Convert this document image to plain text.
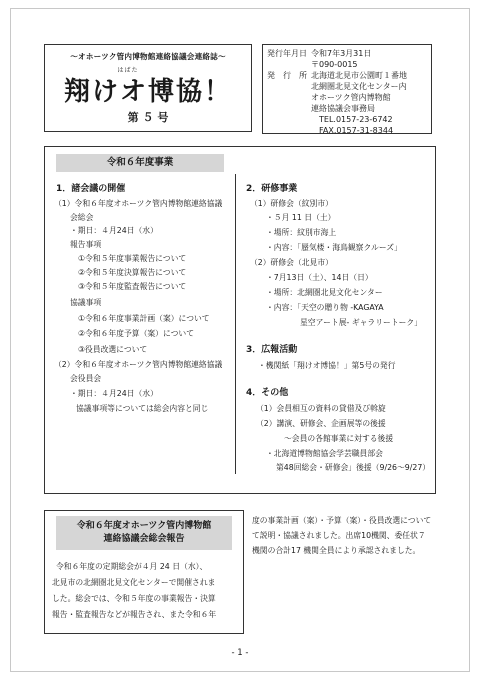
～オホーツク管内博物館連絡協議会連絡誌～
はばた
翔けオ博協！
第 ５ 号
発行年月日 令和7年3月31日
〒090-0015
発　行　所 北海道北見市公園町１番地
北網圏北見文化センター内
オホーツク管内博物館
連絡協議会事務局
TEL.0157-23-6742
FAX.0157-31-8344
令和６年度事業
1．諸会議の開催
（1）令和６年度オホーツク管内博物館連絡協議
会総会
・期日：４月24日（水）
報告事項
①令和５年度事業報告について
②令和５年度決算報告について
③令和５年度監査報告について
協議事項
①令和６年度事業計画（案）について
②令和６年度予算（案）について
③役員改選について
（2）令和６年度オホーツク管内博物館連絡協議
会役員会
・期日：４月24日（水）
協議事項等については総会内容と同じ
2．研修事業
（1）研修会（紋別市）
・５月 11 日（土）
・場所：紋別市海上
・内容：「蜃気楼・海鳥観察クルーズ」
（2）研修会（北見市）
・7月13日（土）、14日（日）
・場所：北網圏北見文化センター
・内容：「天空の贈り物 -KAGAYA
星空アート展- ギャラリートーク」
3．広報活動
・機関紙「翔けオ博協！」第5号の発行
4．その他
（1）会員相互の資料の貸借及び斡旋
（2）講演、研修会、企画展等の後援
～会員の各館事業に対する後援
・北海道博物館協会学芸職員部会
第48回総会・研修会」後援（9/26～9/27）
令和６年度オホーツク管内博物館
連絡協議会総会報告
令和６年度の定期総会が４月 24 日（水）、
北見市の北網圏北見文化センターで開催されま
した。総会では、令和５年度の事業報告・決算
報告・監査報告などが報告され、また令和６年
度の事業計画（案）・予算（案）・役員改選について
て説明・協議されました。出席10機関、委任状７
機関の合計17 機関全員により承認されました。
- 1 -
